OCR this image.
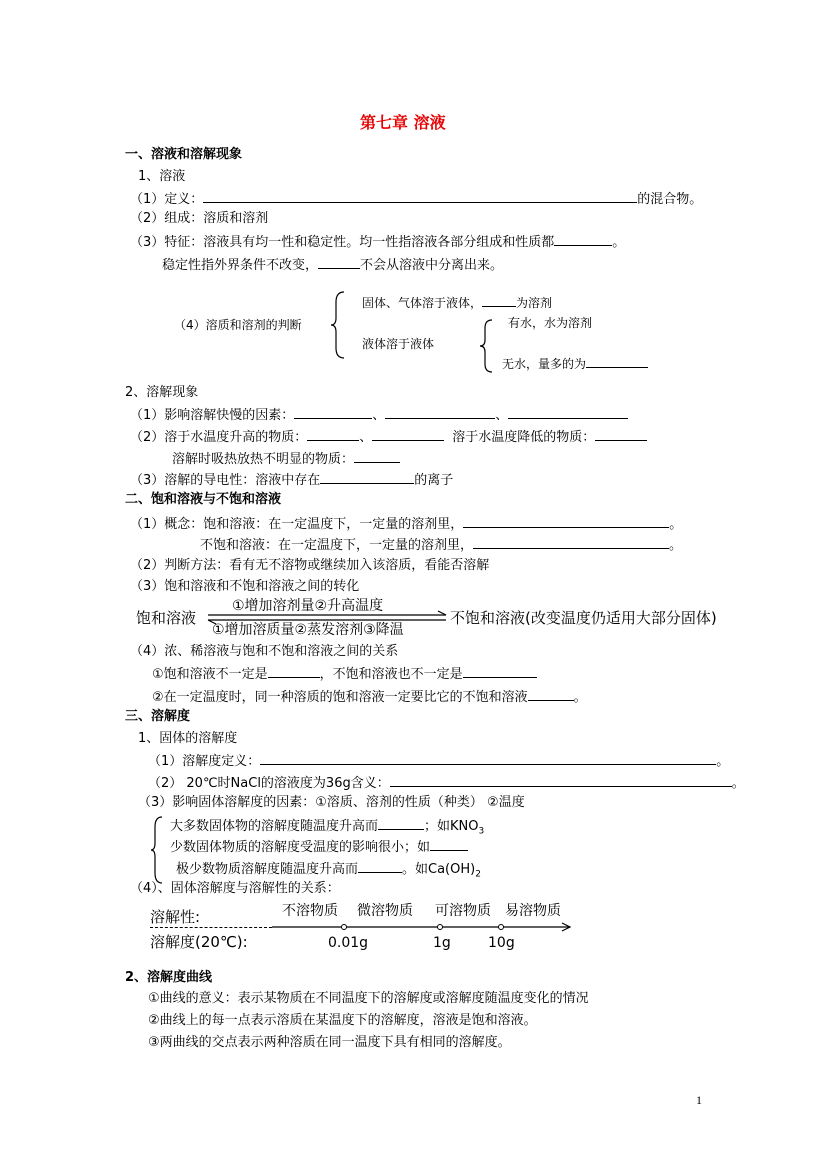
第七章 溶液
一、溶液和溶解现象
1、溶液
（1）定义：	的混合物。
（2）组成：溶质和溶剂
（3）特征：溶液具有均一性和稳定性。均一性指溶液各部分组成和性质都	。
稳定性指外界条件不改变，	不会从溶液中分离出来。
（4）溶质和溶剂的判断
固体、气体溶于液体，	为溶剂
液体溶于液体
有水，水为溶剂
无水，量多的为
2、溶解现象
（1）影响溶解快慢的因素：	、	、
（2）溶于水温度升高的物质：	、	溶于水温度降低的物质：
溶解时吸热放热不明显的物质：
（3）溶解的导电性：溶液中存在	的离子
二、饱和溶液与不饱和溶液
（1）概念：饱和溶液：在一定温度下，一定量的溶剂里，	。
不饱和溶液：在一定温度下，一定量的溶剂里，	。
（2）判断方法：看有无不溶物或继续加入该溶质，看能否溶解
（3）饱和溶液和不饱和溶液之间的转化
饱和溶液
①增加溶剂量②升高温度
①增加溶质量②蒸发溶剂③降温
不饱和溶液(改变温度仍适用大部分固体)
（4）浓、稀溶液与饱和不饱和溶液之间的关系
①饱和溶液不一定是	，不饱和溶液也不一定是
②在一定温度时，同一种溶质的饱和溶液一定要比它的不饱和溶液	。
三、溶解度
1、固体的溶解度
（1）溶解度定义：	。
（2） 20℃时NaCl的溶液度为36g含义：	。
（3）影响固体溶解度的因素：①溶质、溶剂的性质（种类） ②温度
大多数固体物的溶解度随温度升高而	；如$KNO_3$
少数固体物质的溶解度受温度的影响很小；如
极少数物质溶解度随温度升高而	。如$Ca(OH)_2$
（4）、固体溶解度与溶解性的关系：
溶解性:
溶解度(20℃):
不溶物质 微溶物质 可溶物质 易溶物质
0.01g	1g	10g
2、溶解度曲线
①曲线的意义：表示某物质在不同温度下的溶解度或溶解度随温度变化的情况
②曲线上的每一点表示溶质在某温度下的溶解度，溶液是饱和溶液。
③两曲线的交点表示两种溶质在同一温度下具有相同的溶解度。
1
